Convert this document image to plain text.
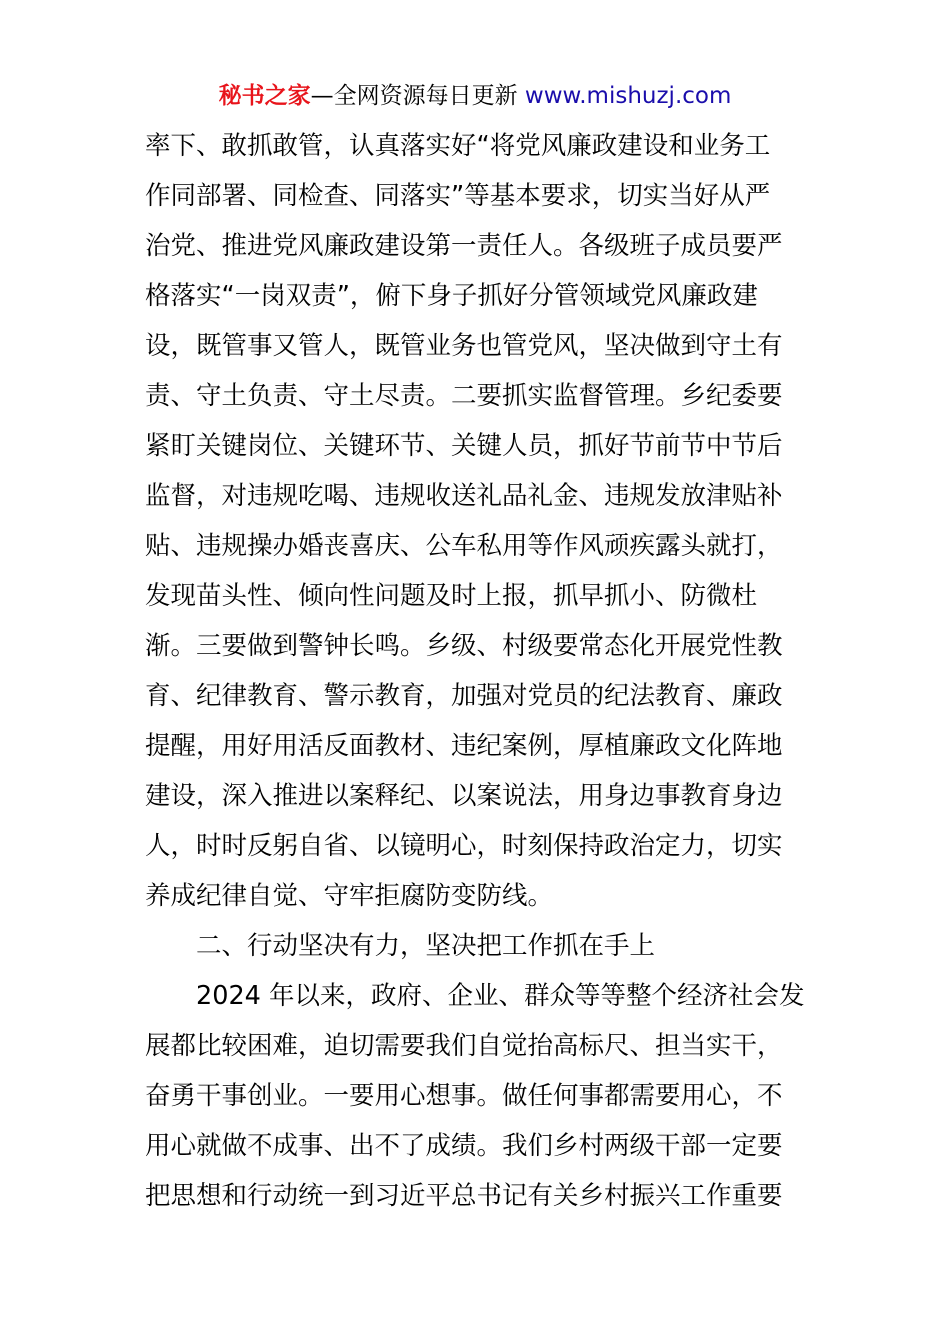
秘书之家—全网资源每日更新 www.mishuzj.com
率下、敢抓敢管，认真落实好“将党风廉政建设和业务工
作同部署、同检查、同落实”等基本要求，切实当好从严
治党、推进党风廉政建设第一责任人。各级班子成员要严
格落实“一岗双责”，俯下身子抓好分管领域党风廉政建
设，既管事又管人，既管业务也管党风，坚决做到守土有
责、守土负责、守土尽责。二要抓实监督管理。乡纪委要
紧盯关键岗位、关键环节、关键人员，抓好节前节中节后
监督，对违规吃喝、违规收送礼品礼金、违规发放津贴补
贴、违规操办婚丧喜庆、公车私用等作风顽疾露头就打，
发现苗头性、倾向性问题及时上报，抓早抓小、防微杜
渐。三要做到警钟长鸣。乡级、村级要常态化开展党性教
育、纪律教育、警示教育，加强对党员的纪法教育、廉政
提醒，用好用活反面教材、违纪案例，厚植廉政文化阵地
建设，深入推进以案释纪、以案说法，用身边事教育身边
人，时时反躬自省、以镜明心，时刻保持政治定力，切实
养成纪律自觉、守牢拒腐防变防线。
二、行动坚决有力，坚决把工作抓在手上
2024 年以来，政府、企业、群众等等整个经济社会发
展都比较困难，迫切需要我们自觉抬高标尺、担当实干，
奋勇干事创业。一要用心想事。做任何事都需要用心，不
用心就做不成事、出不了成绩。我们乡村两级干部一定要
把思想和行动统一到习近平总书记有关乡村振兴工作重要
